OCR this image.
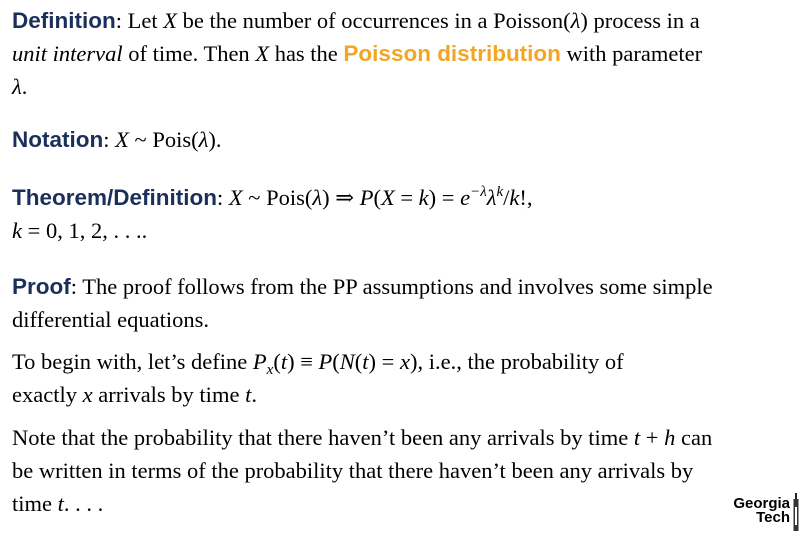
Definition: Let X be the number of occurrences in a Poisson(λ) process in a
unit interval of time. Then X has the Poisson distribution with parameter
λ.

Notation: X ~ Pois(λ).

Theorem/Definition: X ~ Pois(λ) ⇒ $P(X = k) = e^{-\lambda}\lambda^k/k$!,
k = 0, 1, 2, . . ..

Proof: The proof follows from the PP assumptions and involves some simple
differential equations.

To begin with, let’s define $P_x(t) \equiv P(N(t) = x)$, i.e., the probability of
exactly x arrivals by time t.

Note that the probability that there haven’t been any arrivals by time t + h can
be written in terms of the probability that there haven’t been any arrivals by
time t. . . .	Georgia
Tech
